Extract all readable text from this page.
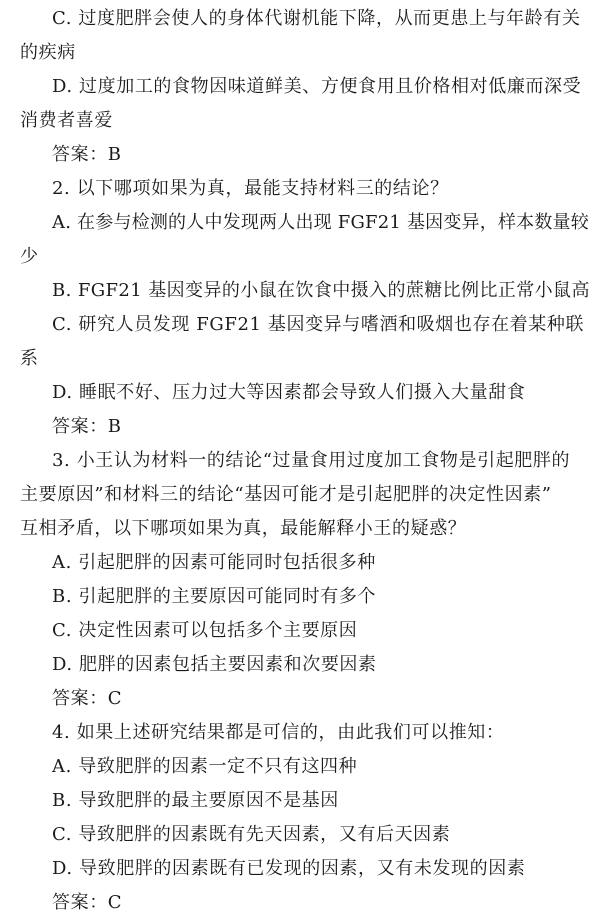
C. 过度肥胖会使人的身体代谢机能下降，从而更患上与年龄有关
的疾病
D. 过度加工的食物因味道鲜美、方便食用且价格相对低廉而深受
消费者喜爱
答案：B
2. 以下哪项如果为真，最能支持材料三的结论？
A. 在参与检测的人中发现两人出现 FGF21 基因变异，样本数量较
少
B. FGF21 基因变异的小鼠在饮食中摄入的蔗糖比例比正常小鼠高
C. 研究人员发现 FGF21 基因变异与嗜酒和吸烟也存在着某种联
系
D. 睡眠不好、压力过大等因素都会导致人们摄入大量甜食
答案：B
3. 小王认为材料一的结论“过量食用过度加工食物是引起肥胖的
主要原因”和材料三的结论“基因可能才是引起肥胖的决定性因素”
互相矛盾，以下哪项如果为真，最能解释小王的疑惑？
A. 引起肥胖的因素可能同时包括很多种
B. 引起肥胖的主要原因可能同时有多个
C. 决定性因素可以包括多个主要原因
D. 肥胖的因素包括主要因素和次要因素
答案：C
4. 如果上述研究结果都是可信的，由此我们可以推知：
A. 导致肥胖的因素一定不只有这四种
B. 导致肥胖的最主要原因不是基因
C. 导致肥胖的因素既有先天因素，又有后天因素
D. 导致肥胖的因素既有已发现的因素，又有未发现的因素
答案：C
